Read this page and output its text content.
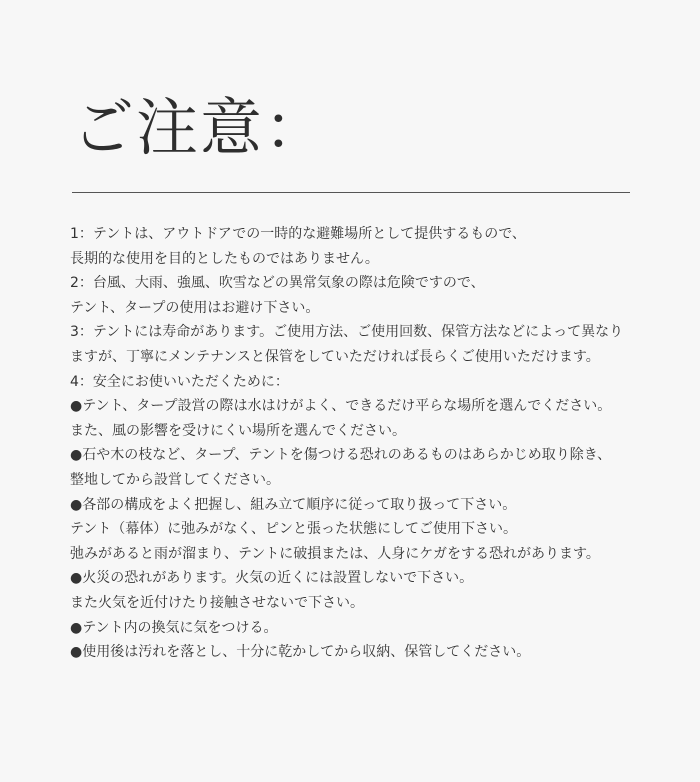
ご注意：
1：テントは、アウトドアでの一時的な避難場所として提供するもので、
長期的な使用を目的としたものではありません。
2：台風、大雨、強風、吹雪などの異常気象の際は危険ですので、
テント、タープの使用はお避け下さい。
3：テントには寿命があります。ご使用方法、ご使用回数、保管方法などによって異なり
ますが、丁寧にメンテナンスと保管をしていただければ長らくご使用いただけます。
4：安全にお使いいただくために：
●テント、タープ設営の際は水はけがよく、できるだけ平らな場所を選んでください。
また、風の影響を受けにくい場所を選んでください。
●石や木の枝など、タープ、テントを傷つける恐れのあるものはあらかじめ取り除き、
整地してから設営してください。
●各部の構成をよく把握し、組み立て順序に従って取り扱って下さい。
テント（幕体）に弛みがなく、ピンと張った状態にしてご使用下さい。
弛みがあると雨が溜まり、テントに破損または、人身にケガをする恐れがあります。
●火災の恐れがあります。火気の近くには設置しないで下さい。
また火気を近付けたり接触させないで下さい。
●テント内の換気に気をつける。
●使用後は汚れを落とし、十分に乾かしてから収納、保管してください。
